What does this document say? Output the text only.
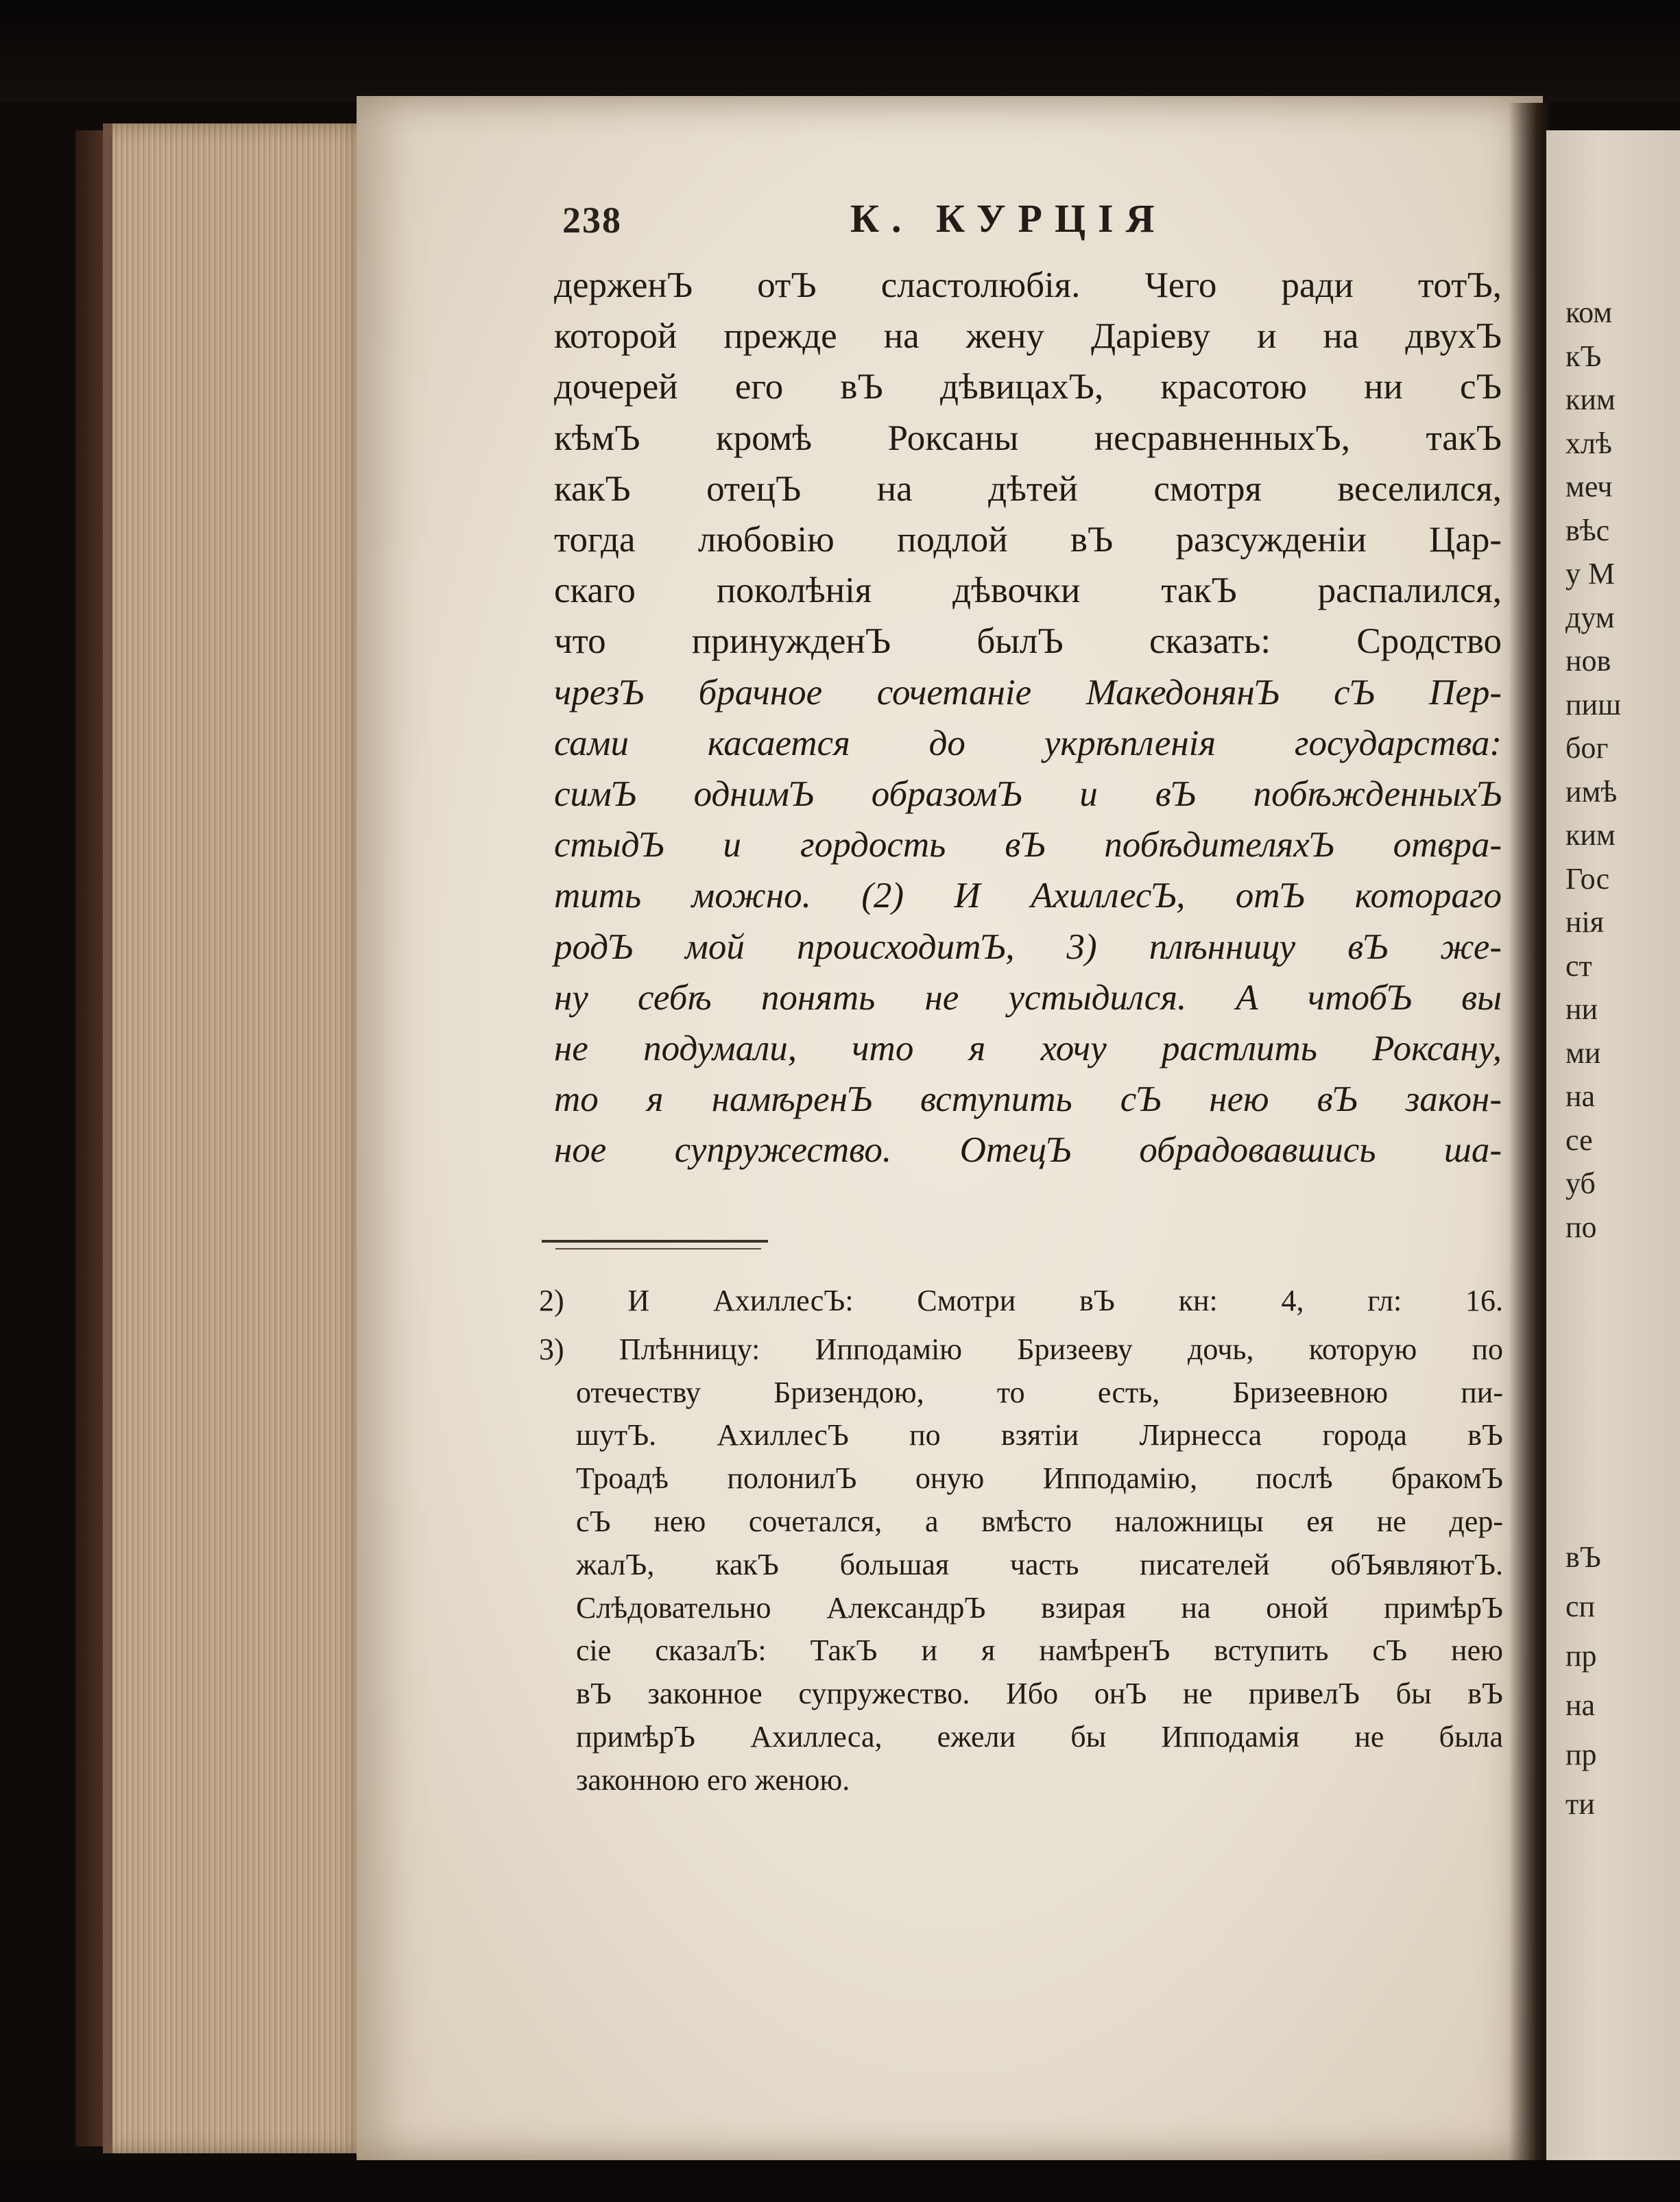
238	К. КУРЦІЯ
держенЪ отЪ сластолюбія. Чего ради тотЪ,
которой прежде на жену Даріеву и на двухЪ
дочерей его вЪ дѣвицахЪ, красотою ни сЪ
кѣмЪ кромѣ Роксаны несравненныхЪ, такЪ
какЪ отецЪ на дѣтей смотря веселился,
тогда любовію подлой вЪ разсужденіи Цар-
скаго поколѣнія дѣвочки такЪ распалился,
что принужденЪ былЪ сказать: Сродство
чрезЪ брачное сочетаніе МакедонянЪ сЪ Пер-
сами касается до укрѣпленія государства:
симЪ однимЪ образомЪ и вЪ побѣжденныхЪ
стыдЪ и гордость вЪ побѣдителяхЪ отвра-
тить можно. (2) И АхиллесЪ, отЪ котораго
родЪ мой происходитЪ, 3) плѣнницу вЪ же-
ну себѣ понять не устыдился. А чтобЪ вы
не подумали, что я хочу растлить Роксану,
то я намѣренЪ вступить сЪ нею вЪ закон-
ное супружество. ОтецЪ обрадовавшись ша-
2) И АхиллесЪ: Смотри вЪ кн: 4, гл: 16.
3) Плѣнницу: Ипподамію Бризееву дочь, которую по
отечеству Бризендою, то есть, Бризеевною пи-
шутЪ. АхиллесЪ по взятіи Лирнесса города вЪ
Троадѣ полонилЪ оную Ипподамію, послѣ бракомЪ
сЪ нею сочетался, а вмѣсто наложницы ея не дер-
жалЪ, какЪ большая часть писателей обЪявляютЪ.
Слѣдовательно АлександрЪ взирая на оной примѣрЪ
сіе сказалЪ: ТакЪ и я намѣренЪ вступить сЪ нею
вЪ законное супружество. Ибо онЪ не привелЪ бы вЪ
примѣрЪ Ахиллеса, ежели бы Ипподамія не была
законною его женою.
ком
кЪ
ким
хлѣ
меч
вѣс
у М
дум
нов
пиш
бог
имѣ
ким
Гос
нія
ст
ни
ми
на
се
уб
по
вЪ
сп
пр
на
пр
ти
